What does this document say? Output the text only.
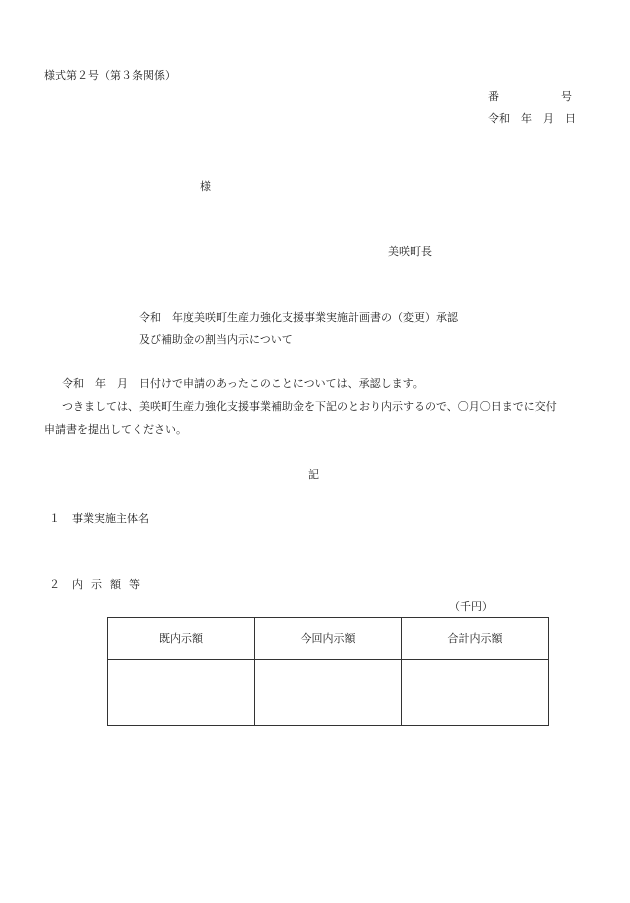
様式第２号（第３条関係）
番	号
令和 年 月 日
様
美咲町長
令和　年度美咲町生産力強化支援事業実施計画書の（変更）承認
及び補助金の割当内示について
令和　年　月　日付けで申請のあったこのことについては、承認します。
つきましては、美咲町生産力強化支援事業補助金を下記のとおり内示するので、〇月〇日までに交付
申請書を提出してください。
記
１ 事業実施主体名
２ 内示額等
（千円）
既内示額	今回内示額	合計内示額
